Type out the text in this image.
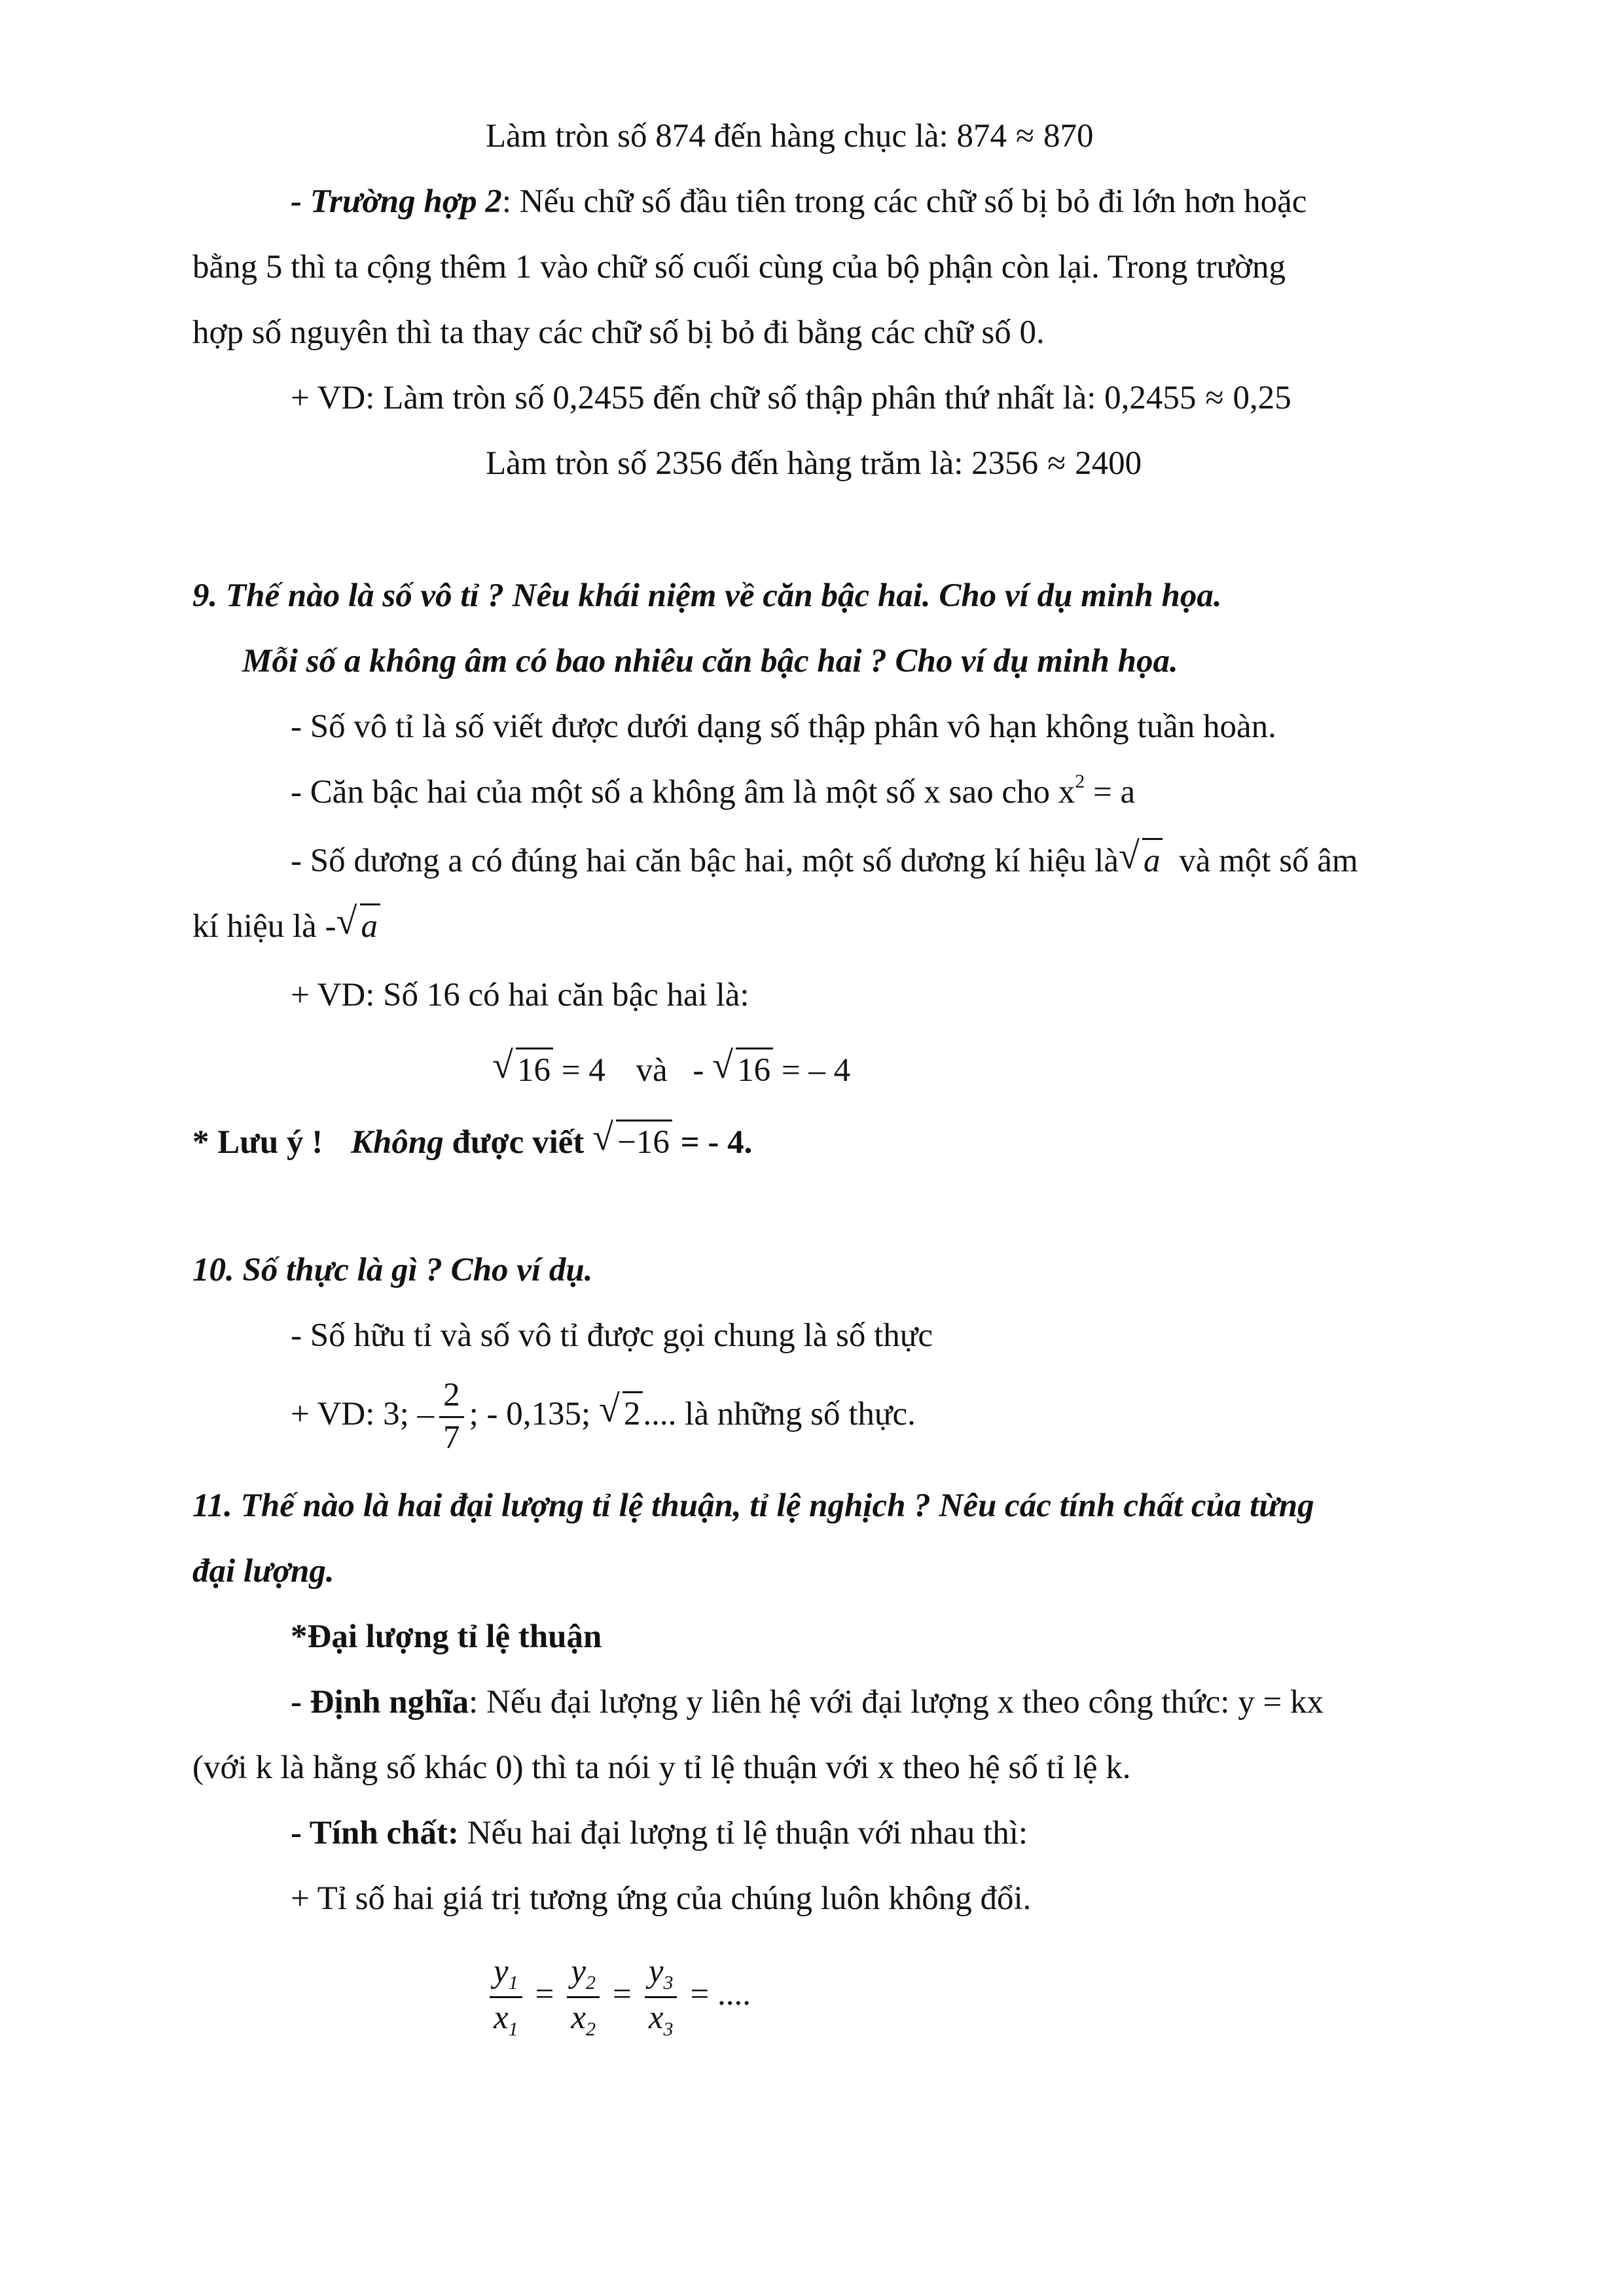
Làm tròn số 874 đến hàng chục là: 874 ≈ 870
- Trường hợp 2: Nếu chữ số đầu tiên trong các chữ số bị bỏ đi lớn hơn hoặc
bằng 5 thì ta cộng thêm 1 vào chữ số cuối cùng của bộ phận còn lại. Trong trường
hợp số nguyên thì ta thay các chữ số bị bỏ đi bằng các chữ số 0.
+ VD: Làm tròn số 0,2455 đến chữ số thập phân thứ nhất là: 0,2455 ≈ 0,25
Làm tròn số 2356 đến hàng trăm là: 2356 ≈ 2400
9. Thế nào là số vô tỉ ? Nêu khái niệm về căn bậc hai. Cho ví dụ minh họa.
Mỗi số a không âm có bao nhiêu căn bậc hai ? Cho ví dụ minh họa.
- Số vô tỉ là số viết được dưới dạng số thập phân vô hạn không tuần hoàn.
- Căn bậc hai của một số a không âm là một số x sao cho $x^2 = a$
- Số dương a có đúng hai căn bậc hai, một số dương kí hiệu là √ a và một số âm
kí hiệu là - √ a
+ VD: Số 16 có hai căn bậc hai là:
√ 16 = 4 và - √ 16 = – 4
* Lưu ý ! Không được viết √ −16 = - 4.
10. Số thực là gì ? Cho ví dụ.
- Số hữu tỉ và số vô tỉ được gọi chung là số thực
+ VD: 3; – $\frac{2}{7}$ ; - 0,135; √ 2.... là những số thực.
11. Thế nào là hai đại lượng tỉ lệ thuận, tỉ lệ nghịch ? Nêu các tính chất của từng
đại lượng.
*Đại lượng tỉ lệ thuận
- Định nghĩa: Nếu đại lượng y liên hệ với đại lượng x theo công thức: y = kx
(với k là hằng số khác 0) thì ta nói y tỉ lệ thuận với x theo hệ số tỉ lệ k.
- Tính chất: Nếu hai đại lượng tỉ lệ thuận với nhau thì:
+ Tỉ số hai giá trị tương ứng của chúng luôn không đổi.
$\frac{y_1}{x_1} = \frac{y_2}{x_2} = \frac{y_3}{x_3}$ = ....
